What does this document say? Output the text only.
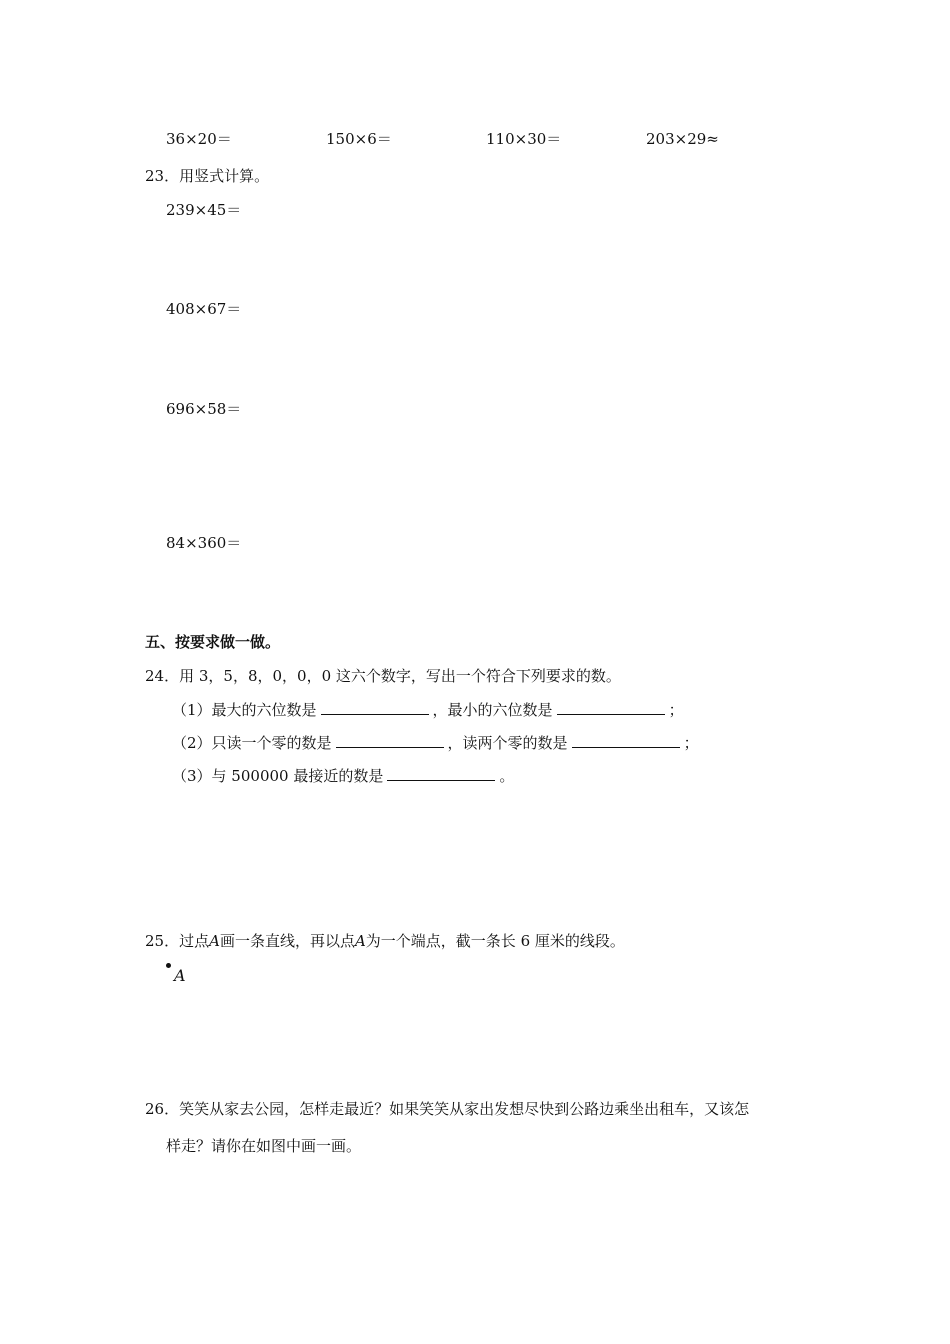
36×20＝	150×6＝	110×30＝	203×29≈
23．用竖式计算。
239×45＝
408×67＝
696×58＝
84×360＝
五、按要求做一做。
24．用 3，5，8，0，0，0 这六个数字，写出一个符合下列要求的数。
（1）最大的六位数是	，最小的六位数是	；
（2）只读一个零的数是	，读两个零的数是	；
（3）与 500000 最接近的数是	。
25．过点A画一条直线，再以点A为一个端点，截一条长 6 厘米的线段。
A
26．笑笑从家去公园，怎样走最近？如果笑笑从家出发想尽快到公路边乘坐出租车，又该怎
样走？请你在如图中画一画。
